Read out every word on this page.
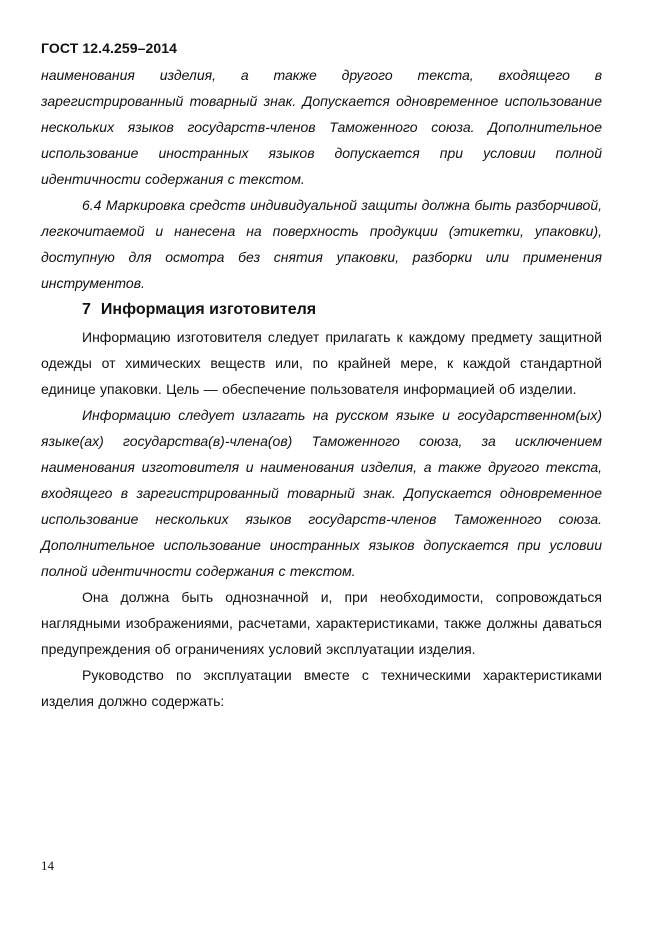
ГОСТ 12.4.259–2014

наименования изделия, а также другого текста, входящего в зарегистрированный товарный знак. Допускается одновременное использование нескольких языков государств-членов Таможенного союза. Дополнительное использование иностранных языков допускается при условии полной идентичности содержания с текстом.

6.4 Маркировка средств индивидуальной защиты должна быть разборчивой, легкочитаемой и нанесена на поверхность продукции (этикетки, упаковки), доступную для осмотра без снятия упаковки, разборки или применения инструментов.

7 Информация изготовителя

Информацию изготовителя следует прилагать к каждому предмету защитной одежды от химических веществ или, по крайней мере, к каждой стандартной единице упаковки. Цель — обеспечение пользователя информацией об изделии.

Информацию следует излагать на русском языке и государственном(ых) языке(ах) государства(в)-члена(ов) Таможенного союза, за исключением наименования изготовителя и наименования изделия, а также другого текста, входящего в зарегистрированный товарный знак. Допускается одновременное использование нескольких языков государств-членов Таможенного союза. Дополнительное использование иностранных языков допускается при условии полной идентичности содержания с текстом.

Она должна быть однозначной и, при необходимости, сопровождаться наглядными изображениями, расчетами, характеристиками, также должны даваться предупреждения об ограничениях условий эксплуатации изделия.

Руководство по эксплуатации вместе с техническими характеристиками изделия должно содержать:

14
